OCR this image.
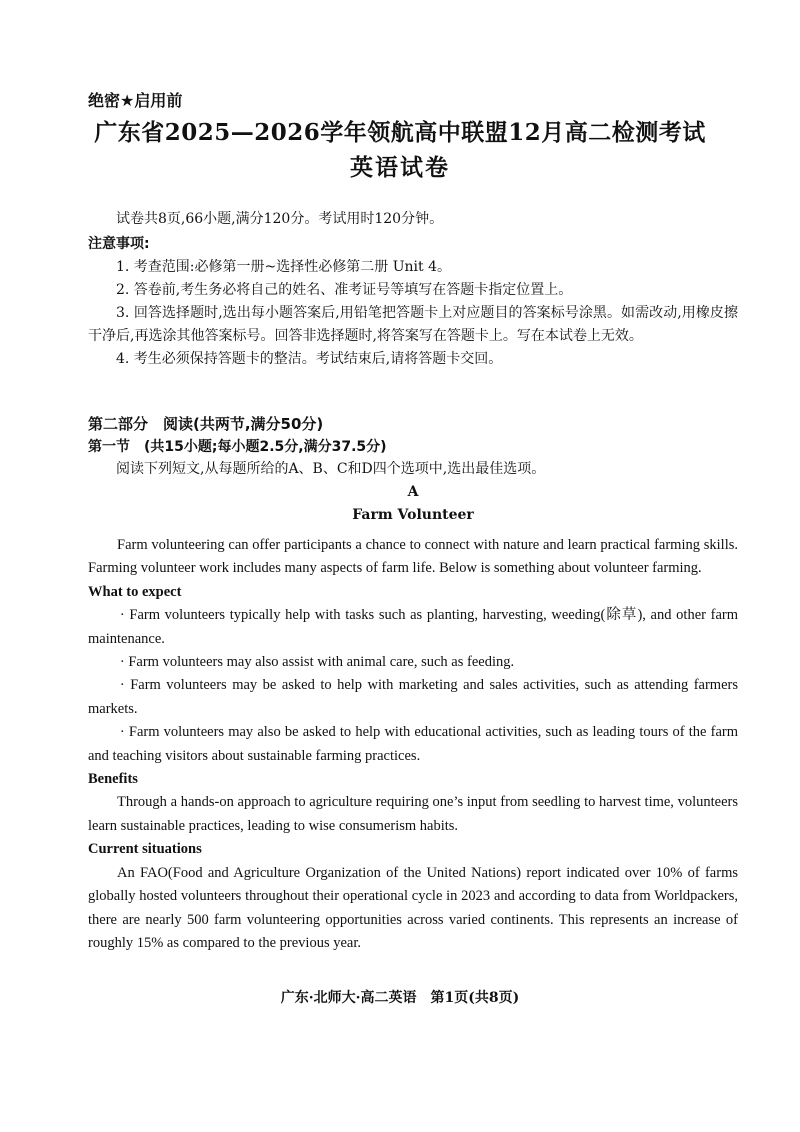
绝密★启用前
广东省2025—2026学年领航高中联盟12月高二检测考试
英语试卷

试卷共8页,66小题,满分120分。考试用时120分钟。

注意事项:

1. 考查范围:必修第一册~选择性必修第二册 Unit 4。

2. 答卷前,考生务必将自己的姓名、准考证号等填写在答题卡指定位置上。

3. 回答选择题时,选出每小题答案后,用铅笔把答题卡上对应题目的答案标号涂黑。如需改动,用橡皮擦干净后,再选涂其他答案标号。回答非选择题时,将答案写在答题卡上。写在本试卷上无效。

4. 考生必须保持答题卡的整洁。考试结束后,请将答题卡交回。

第二部分　阅读(共两节,满分50分)

第一节　(共15小题;每小题2.5分,满分37.5分)

阅读下列短文,从每题所给的A、B、C和D四个选项中,选出最佳选项。

A

Farm Volunteer

Farm volunteering can offer participants a chance to connect with nature and learn practical farming skills. Farming volunteer work includes many aspects of farm life. Below is something about volunteer farming.

What to expect

· Farm volunteers typically help with tasks such as planting, harvesting, weeding(除草), and other farm maintenance.

· Farm volunteers may also assist with animal care, such as feeding.

· Farm volunteers may be asked to help with marketing and sales activities, such as attending farmers markets.

· Farm volunteers may also be asked to help with educational activities, such as leading tours of the farm and teaching visitors about sustainable farming practices.

Benefits

Through a hands-on approach to agriculture requiring one’s input from seedling to harvest time, volunteers learn sustainable practices, leading to wise consumerism habits.

Current situations

An FAO(Food and Agriculture Organization of the United Nations) report indicated over 10% of farms globally hosted volunteers throughout their operational cycle in 2023 and according to data from Worldpackers, there are nearly 500 farm volunteering opportunities across varied continents. This represents an increase of roughly 15% as compared to the previous year.

广东·北师大·高二英语　第1页(共8页)
